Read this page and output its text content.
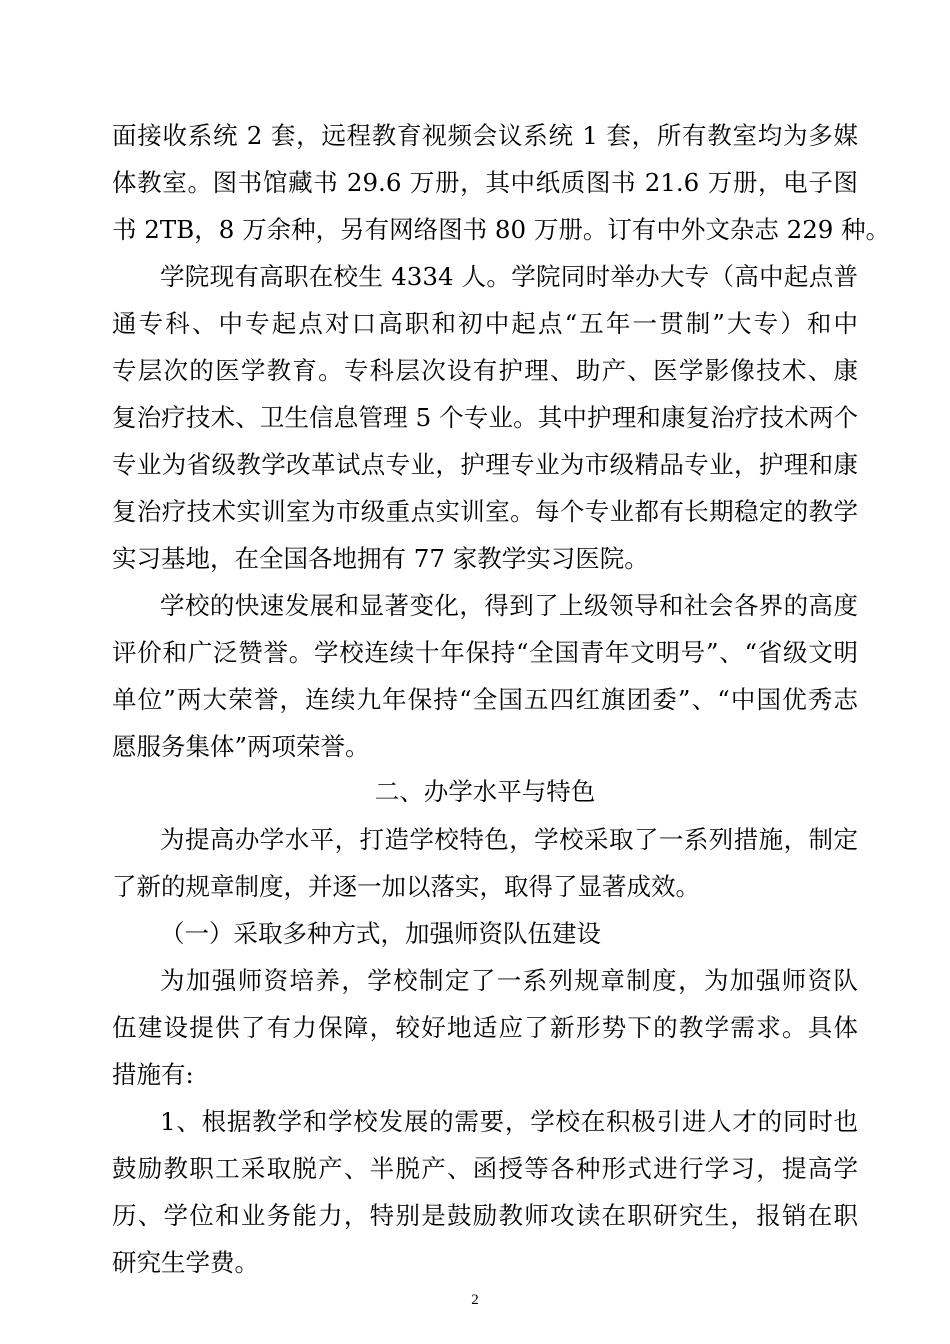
面接收系统 2 套，远程教育视频会议系统 1 套，所有教室均为多媒
体教室。图书馆藏书 29.6 万册，其中纸质图书 21.6 万册，电子图
书 2TB，8 万余种，另有网络图书 80 万册。订有中外文杂志 229 种。
学院现有高职在校生 4334 人。学院同时举办大专（高中起点普
通专科、中专起点对口高职和初中起点“五年一贯制”大专）和中
专层次的医学教育。专科层次设有护理、助产、医学影像技术、康
复治疗技术、卫生信息管理 5 个专业。其中护理和康复治疗技术两个
专业为省级教学改革试点专业，护理专业为市级精品专业，护理和康
复治疗技术实训室为市级重点实训室。每个专业都有长期稳定的教学
实习基地，在全国各地拥有 77 家教学实习医院。
学校的快速发展和显著变化，得到了上级领导和社会各界的高度
评价和广泛赞誉。学校连续十年保持“全国青年文明号”、“省级文明
单位”两大荣誉，连续九年保持“全国五四红旗团委”、“中国优秀志
愿服务集体”两项荣誉。
二、办学水平与特色
为提高办学水平，打造学校特色，学校采取了一系列措施，制定
了新的规章制度，并逐一加以落实，取得了显著成效。
（一）采取多种方式，加强师资队伍建设
为加强师资培养，学校制定了一系列规章制度，为加强师资队
伍建设提供了有力保障，较好地适应了新形势下的教学需求。具体
措施有:
1、根据教学和学校发展的需要，学校在积极引进人才的同时也
鼓励教职工采取脱产、半脱产、函授等各种形式进行学习，提高学
历、学位和业务能力，特别是鼓励教师攻读在职研究生，报销在职
研究生学费。
2
